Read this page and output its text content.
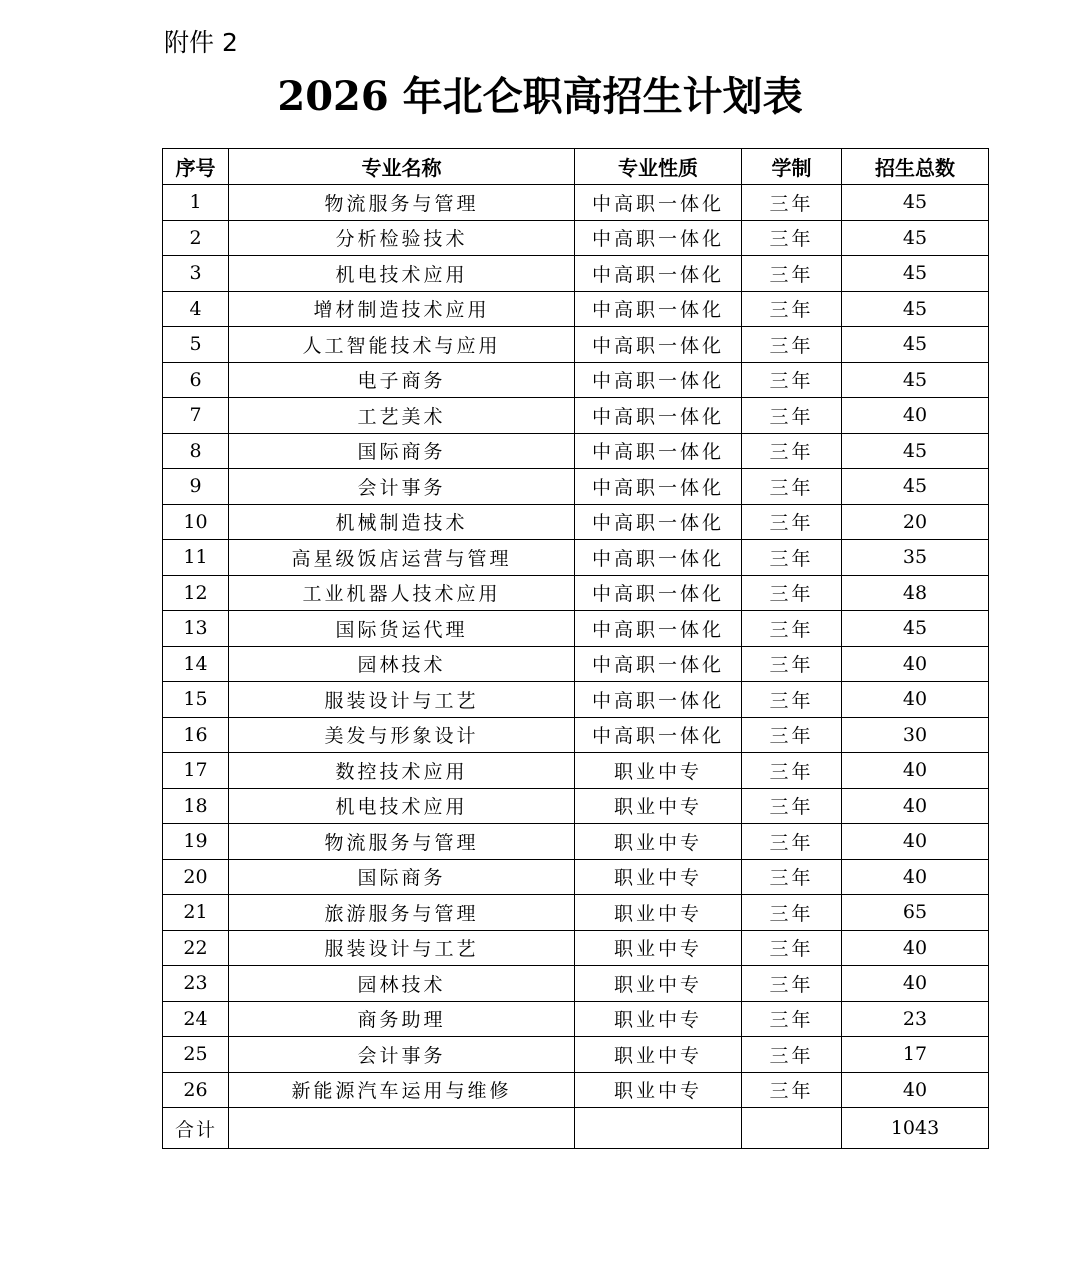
附件 2
2026 年北仑职高招生计划表
序号	专业名称	专业性质	学制	招生总数
1	物流服务与管理	中高职一体化	三年	45
2	分析检验技术	中高职一体化	三年	45
3	机电技术应用	中高职一体化	三年	45
4	增材制造技术应用	中高职一体化	三年	45
5	人工智能技术与应用	中高职一体化	三年	45
6	电子商务	中高职一体化	三年	45
7	工艺美术	中高职一体化	三年	40
8	国际商务	中高职一体化	三年	45
9	会计事务	中高职一体化	三年	45
10	机械制造技术	中高职一体化	三年	20
11	高星级饭店运营与管理	中高职一体化	三年	35
12	工业机器人技术应用	中高职一体化	三年	48
13	国际货运代理	中高职一体化	三年	45
14	园林技术	中高职一体化	三年	40
15	服装设计与工艺	中高职一体化	三年	40
16	美发与形象设计	中高职一体化	三年	30
17	数控技术应用	职业中专	三年	40
18	机电技术应用	职业中专	三年	40
19	物流服务与管理	职业中专	三年	40
20	国际商务	职业中专	三年	40
21	旅游服务与管理	职业中专	三年	65
22	服装设计与工艺	职业中专	三年	40
23	园林技术	职业中专	三年	40
24	商务助理	职业中专	三年	23
25	会计事务	职业中专	三年	17
26	新能源汽车运用与维修	职业中专	三年	40
合计				1043
